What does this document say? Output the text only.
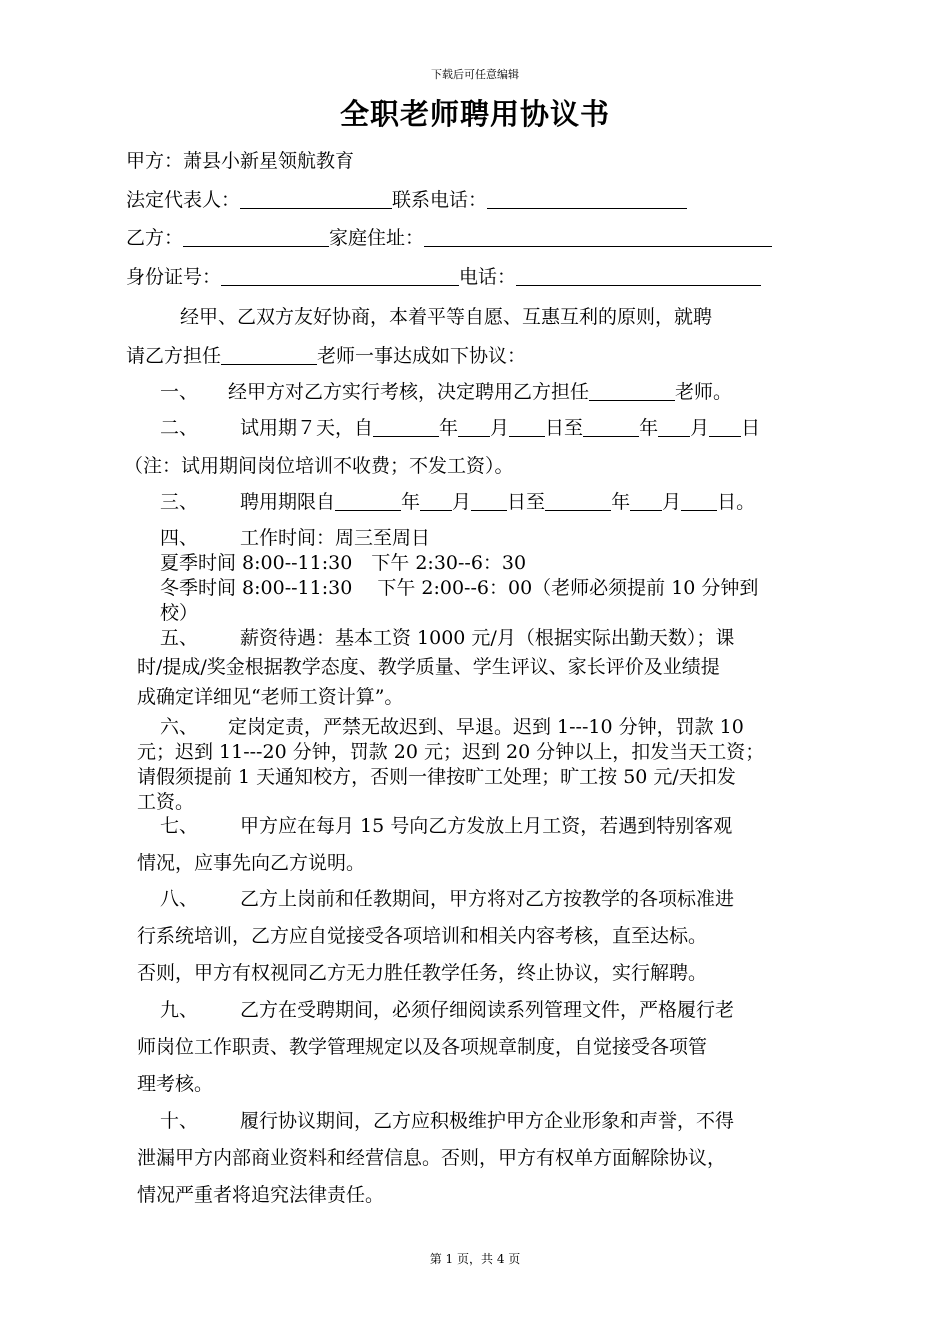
下载后可任意编辑
全职老师聘用协议书
甲方：萧县小新星领航教育
法定代表人：	联系电话：
乙方：	家庭住址：
身份证号：	电话：
经甲、乙双方友好协商，本着平等自愿、互惠互利的原则，就聘
请乙方担任	老师一事达成如下协议：
一、 经甲方对乙方实行考核，决定聘用乙方担任	老师。
二、 试用期７天，自	年 月 日至	年 月 日
（注：试用期间岗位培训不收费；不发工资）。
三、 聘用期限自	年 月 日至	年 月 日。
四、 工作时间：周三至周日
夏季时间 8:00--11:30　下午 2:30--6：30
冬季时间 8:00--11:30　 下午 2:00--6：00（老师必须提前 10 分钟到
校）
五、 薪资待遇：基本工资 1000 元/月（根据实际出勤天数）；课
时/提成/奖金根据教学态度、教学质量、学生评议、家长评价及业绩提
成确定详细见“老师工资计算”。
六、 定岗定责，严禁无故迟到、早退。迟到 1---10 分钟，罚款 10
元；迟到 11---20 分钟，罚款 20 元；迟到 20 分钟以上，扣发当天工资；
请假须提前 1 天通知校方，否则一律按旷工处理；旷工按 50 元/天扣发
工资。
七、 甲方应在每月 15 号向乙方发放上月工资，若遇到特别客观
情况，应事先向乙方说明。
八、 乙方上岗前和任教期间，甲方将对乙方按教学的各项标准进
行系统培训，乙方应自觉接受各项培训和相关内容考核，直至达标。
否则，甲方有权视同乙方无力胜任教学任务，终止协议，实行解聘。
九、 乙方在受聘期间，必须仔细阅读系列管理文件，严格履行老
师岗位工作职责、教学管理规定以及各项规章制度，自觉接受各项管
理考核。
十、 履行协议期间，乙方应积极维护甲方企业形象和声誉，不得
泄漏甲方内部商业资料和经营信息。否则，甲方有权单方面解除协议，
情况严重者将追究法律责任。
第 1 页，共 4 页
